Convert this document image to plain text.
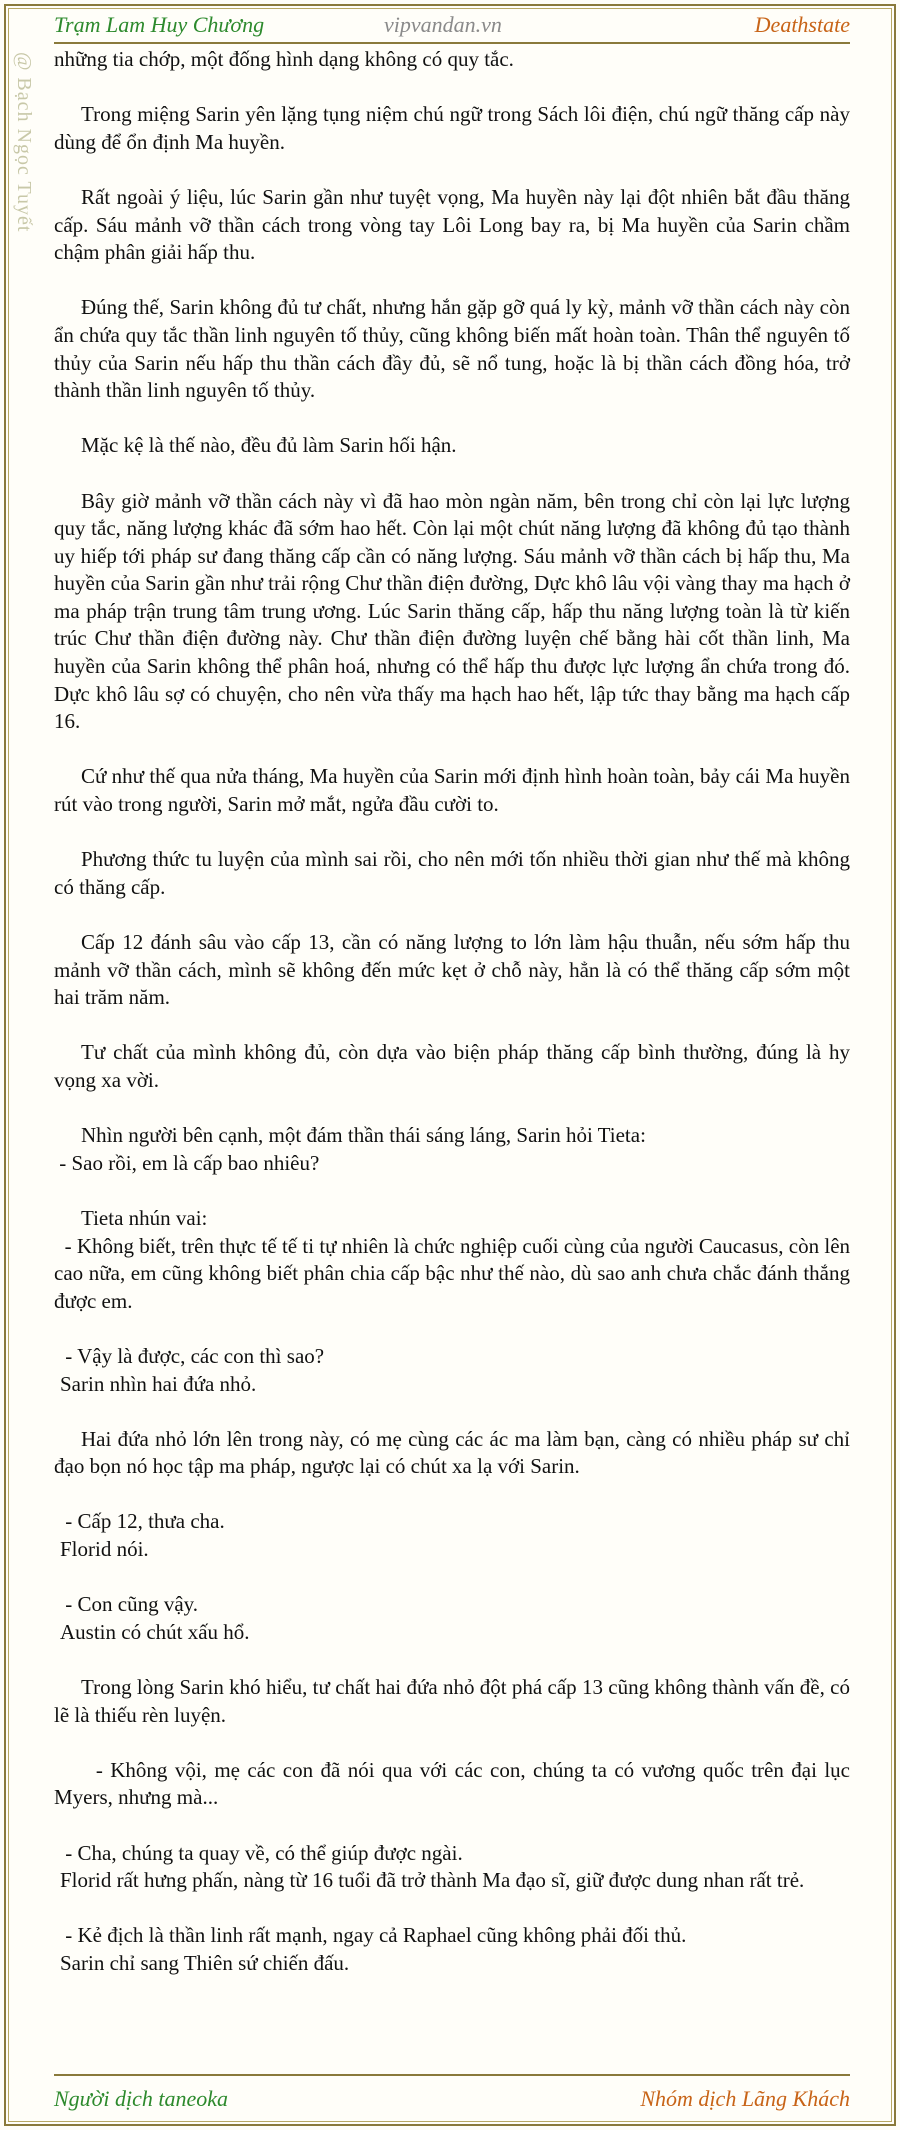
Trạm Lam Huy Chương	vipvandan.vn	Deathstate
@ Bạch Ngọc Tuyết những tia chớp, một đống hình dạng không có quy tắc.

Trong miệng Sarin yên lặng tụng niệm chú ngữ trong Sách lôi điện, chú ngữ thăng cấp này dùng để ổn định Ma huyền.

Rất ngoài ý liệu, lúc Sarin gần như tuyệt vọng, Ma huyền này lại đột nhiên bắt đầu thăng cấp. Sáu mảnh vỡ thần cách trong vòng tay Lôi Long bay ra, bị Ma huyền của Sarin chầm chậm phân giải hấp thu.

Đúng thế, Sarin không đủ tư chất, nhưng hắn gặp gỡ quá ly kỳ, mảnh vỡ thần cách này còn ẩn chứa quy tắc thần linh nguyên tố thủy, cũng không biến mất hoàn toàn. Thân thể nguyên tố thủy của Sarin nếu hấp thu thần cách đầy đủ, sẽ nổ tung, hoặc là bị thần cách đồng hóa, trở thành thần linh nguyên tố thủy.

Mặc kệ là thế nào, đều đủ làm Sarin hối hận.

Bây giờ mảnh vỡ thần cách này vì đã hao mòn ngàn năm, bên trong chỉ còn lại lực lượng quy tắc, năng lượng khác đã sớm hao hết. Còn lại một chút năng lượng đã không đủ tạo thành uy hiếp tới pháp sư đang thăng cấp cần có năng lượng. Sáu mảnh vỡ thần cách bị hấp thu, Ma huyền của Sarin gần như trải rộng Chư thần điện đường, Dực khô lâu vội vàng thay ma hạch ở ma pháp trận trung tâm trung ương. Lúc Sarin thăng cấp, hấp thu năng lượng toàn là từ kiến trúc Chư thần điện đường này. Chư thần điện đường luyện chế bằng hài cốt thần linh, Ma huyền của Sarin không thể phân hoá, nhưng có thể hấp thu được lực lượng ẩn chứa trong đó. Dực khô lâu sợ có chuyện, cho nên vừa thấy ma hạch hao hết, lập tức thay bằng ma hạch cấp 16.

Cứ như thế qua nửa tháng, Ma huyền của Sarin mới định hình hoàn toàn, bảy cái Ma huyền rút vào trong người, Sarin mở mắt, ngửa đầu cười to.

Phương thức tu luyện của mình sai rồi, cho nên mới tốn nhiều thời gian như thế mà không có thăng cấp.

Cấp 12 đánh sâu vào cấp 13, cần có năng lượng to lớn làm hậu thuẫn, nếu sớm hấp thu mảnh vỡ thần cách, mình sẽ không đến mức kẹt ở chỗ này, hẳn là có thể thăng cấp sớm một hai trăm năm.

Tư chất của mình không đủ, còn dựa vào biện pháp thăng cấp bình thường, đúng là hy vọng xa vời.

Nhìn người bên cạnh, một đám thần thái sáng láng, Sarin hỏi Tieta:
- Sao rồi, em là cấp bao nhiêu?

Tieta nhún vai:
- Không biết, trên thực tế tế ti tự nhiên là chức nghiệp cuối cùng của người Caucasus, còn lên cao nữa, em cũng không biết phân chia cấp bậc như thế nào, dù sao anh chưa chắc đánh thắng được em.

- Vậy là được, các con thì sao?
Sarin nhìn hai đứa nhỏ.

Hai đứa nhỏ lớn lên trong này, có mẹ cùng các ác ma làm bạn, càng có nhiều pháp sư chỉ đạo bọn nó học tập ma pháp, ngược lại có chút xa lạ với Sarin.

- Cấp 12, thưa cha.
Florid nói.

- Con cũng vậy.
Austin có chút xấu hổ.

Trong lòng Sarin khó hiểu, tư chất hai đứa nhỏ đột phá cấp 13 cũng không thành vấn đề, có lẽ là thiếu rèn luyện.

- Không vội, mẹ các con đã nói qua với các con, chúng ta có vương quốc trên đại lục Myers, nhưng mà...

- Cha, chúng ta quay về, có thể giúp được ngài.
Florid rất hưng phấn, nàng từ 16 tuổi đã trở thành Ma đạo sĩ, giữ được dung nhan rất trẻ.

- Kẻ địch là thần linh rất mạnh, ngay cả Raphael cũng không phải đối thủ.
Sarin chỉ sang Thiên sứ chiến đấu.

Người dịch taneoka	Nhóm dịch Lãng Khách
